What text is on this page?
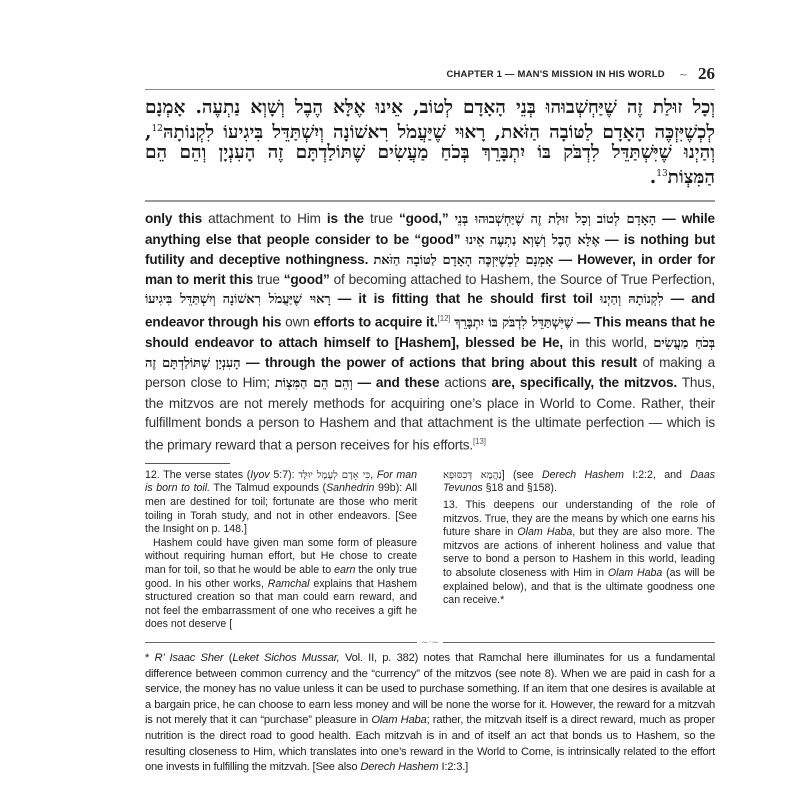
CHAPTER 1 — MAN'S MISSION IN HIS WORLD ~ 26
וְכָל זוּלַת זֶה שֶׁיַּחְשְׁבוּהוּ בְּנֵי הָאָדָם לְטוֹב, אֵינוּ אֶלָּא הֶבֶל וְשָׁוְא נַתְעֶה. אָמְנָם לְכְשֶׁיִּזְכֶּה הָאָדָם לַטּוֹבָה הַזֹּאת, רָאוּי שֶׁיַּעֲמֹל רִאשׁוֹנָה וְיִשְׁתַּדֵּל בִּיגִיעוֹ לִקְנוֹתָהּ$^{12}$, וְהַיְנוּ שֶׁיִּשְׁתַּדֵּל לִדְבֹּק בּוֹ יִתְבָּרֵךְ בְּכֹחַ מַעֲשִׂים שֶׁתּוֹלַדְתָּם זֶה הָעִנְיָן וְהֵם הֵם הַמִּצְוֹת$^{13}$.
only this attachment to Him is the true “good,” וְכָל זוּלַת זֶה שֶׁיַּחְשְׁבוּהוּ בְּנֵי הָאָדָם לְטוֹב — while anything else that people consider to be “good” אֵינוּ אֶלָּא הֶבֶל וְשָׁוְא נַתְעֶה — is nothing but futility and deceptive nothingness. אָמְנָם לְכְשֶׁיִּזְכֶּה הָאָדָם לַטּוֹבָה הַזֹּאת — However, in order for man to merit this true “good” of becoming attached to Hashem, the Source of True Perfection, וְיִשְׁתַּדֵּל בִּיגִיעוֹ רָאוּי שֶׁיַּעֲמֹל רִאשׁוֹנָה — it is fitting that he should first toil וְהַיְנוּ לִקְנוֹתָהּ — and endeavor through his own efforts to acquire it.[12] שֶׁיִּשְׁתַּדֵּל לִדְבֹּק בּוֹ יִתְבָּרֵךְ — This means that he should endeavor to attach himself to [Hashem], blessed be He, in this world, בְּכֹחַ מַעֲשִׂים שֶׁתּוֹלַדְתָּם זֶה הָעִנְיָן — through the power of actions that bring about this result of making a person close to Him; וְהֵם הֵם הַמִּצְוֹת — and these actions are, specifically, the mitzvos. Thus, the mitzvos are not merely methods for acquiring one’s place in World to Come. Rather, their fulfillment bonds a person to Hashem and that attachment is the ultimate perfection — which is the primary reward that a person receives for his efforts.[13]

12. The verse states (Iyov 5:7): כִּי אָדָם לְעָמָל יוּלָּד, For man is born to toil. The Talmud expounds (Sanhedrin 99b): All men are destined for toil; fortunate are those who merit toiling in Torah study, and not in other endeavors. [See the Insight on p. 148.]

Hashem could have given man some form of pleasure without requiring human effort, but He chose to create man for toil, so that he would be able to earn the only true good. In his other works, Ramchal explains that Hashem structured creation so that man could earn reward, and not feel the embarrassment of one who receives a gift he does not deserve [

נַהֲמָא דְּכִסּוּפָא] (see Derech Hashem I:2:2, and Daas Tevunos §18 and §158).

13. This deepens our understanding of the role of mitzvos. True, they are the means by which one earns his future share in Olam Haba, but they are also more. The mitzvos are actions of inherent holiness and value that serve to bond a person to Hashem in this world, leading to absolute closeness with Him in Olam Haba (as will be explained below), and that is the ultimate goodness one can receive.*

~·~
* R’ Isaac Sher (Leket Sichos Mussar, Vol. II, p. 382) notes that Ramchal here illuminates for us a fundamental difference between common currency and the “currency” of the mitzvos (see note 8). When we are paid in cash for a service, the money has no value unless it can be used to purchase something. If an item that one desires is available at a bargain price, he can choose to earn less money and will be none the worse for it. However, the reward for a mitzvah is not merely that it can “purchase” pleasure in Olam Haba; rather, the mitzvah itself is a direct reward, much as proper nutrition is the direct road to good health. Each mitzvah is in and of itself an act that bonds us to Hashem, so the resulting closeness to Him, which translates into one’s reward in the World to Come, is intrinsically related to the effort one invests in fulfilling the mitzvah. [See also Derech Hashem I:2:3.]
